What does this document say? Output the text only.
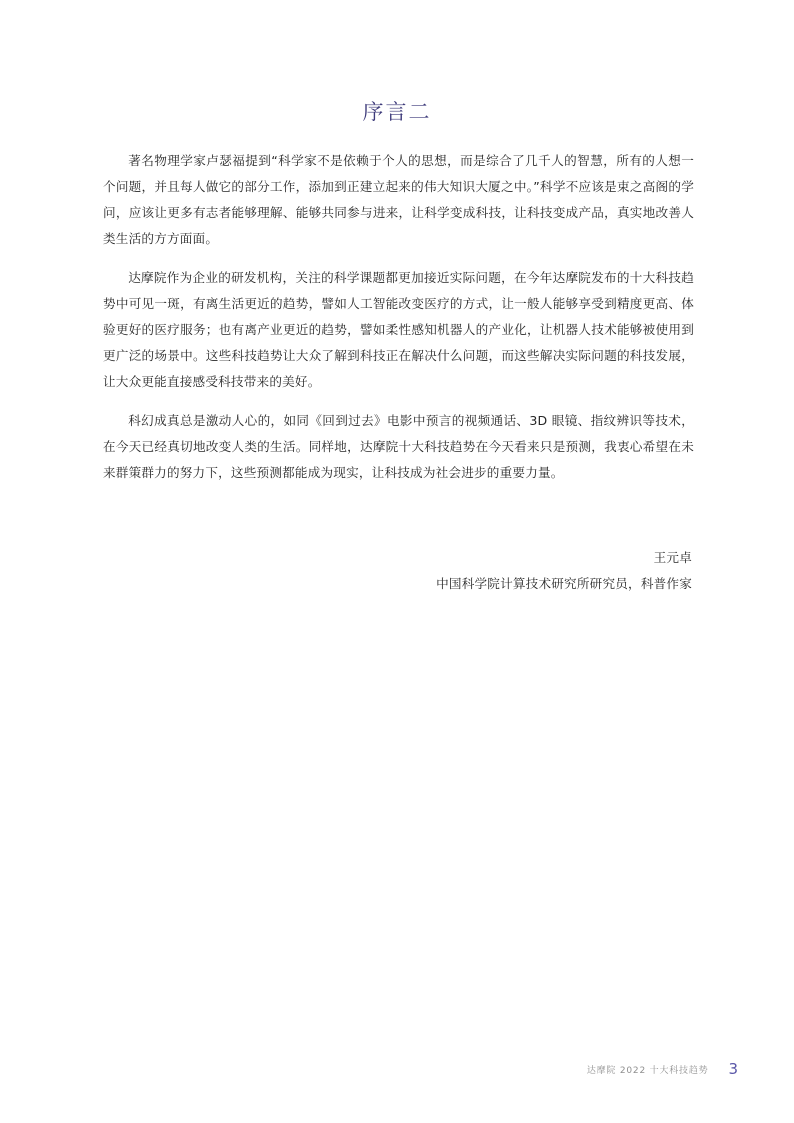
序言二

著名物理学家卢瑟福提到“科学家不是依赖于个人的思想，而是综合了几千人的智慧，所有的人想一个问题，并且每人做它的部分工作，添加到正建立起来的伟大知识大厦之中。”科学不应该是束之高阁的学问，应该让更多有志者能够理解、能够共同参与进来，让科学变成科技，让科技变成产品，真实地改善人类生活的方方面面。

达摩院作为企业的研发机构，关注的科学课题都更加接近实际问题，在今年达摩院发布的十大科技趋势中可见一斑，有离生活更近的趋势，譬如人工智能改变医疗的方式，让一般人能够享受到精度更高、体验更好的医疗服务；也有离产业更近的趋势，譬如柔性感知机器人的产业化，让机器人技术能够被使用到更广泛的场景中。这些科技趋势让大众了解到科技正在解决什么问题，而这些解决实际问题的科技发展，让大众更能直接感受科技带来的美好。

科幻成真总是激动人心的，如同《回到过去》电影中预言的视频通话、3D 眼镜、指纹辨识等技术，在今天已经真切地改变人类的生活。同样地，达摩院十大科技趋势在今天看来只是预测，我衷心希望在未来群策群力的努力下，这些预测都能成为现实，让科技成为社会进步的重要力量。

王元卓
中国科学院计算技术研究所研究员，科普作家
达摩院 2022 十大科技趋势 3
